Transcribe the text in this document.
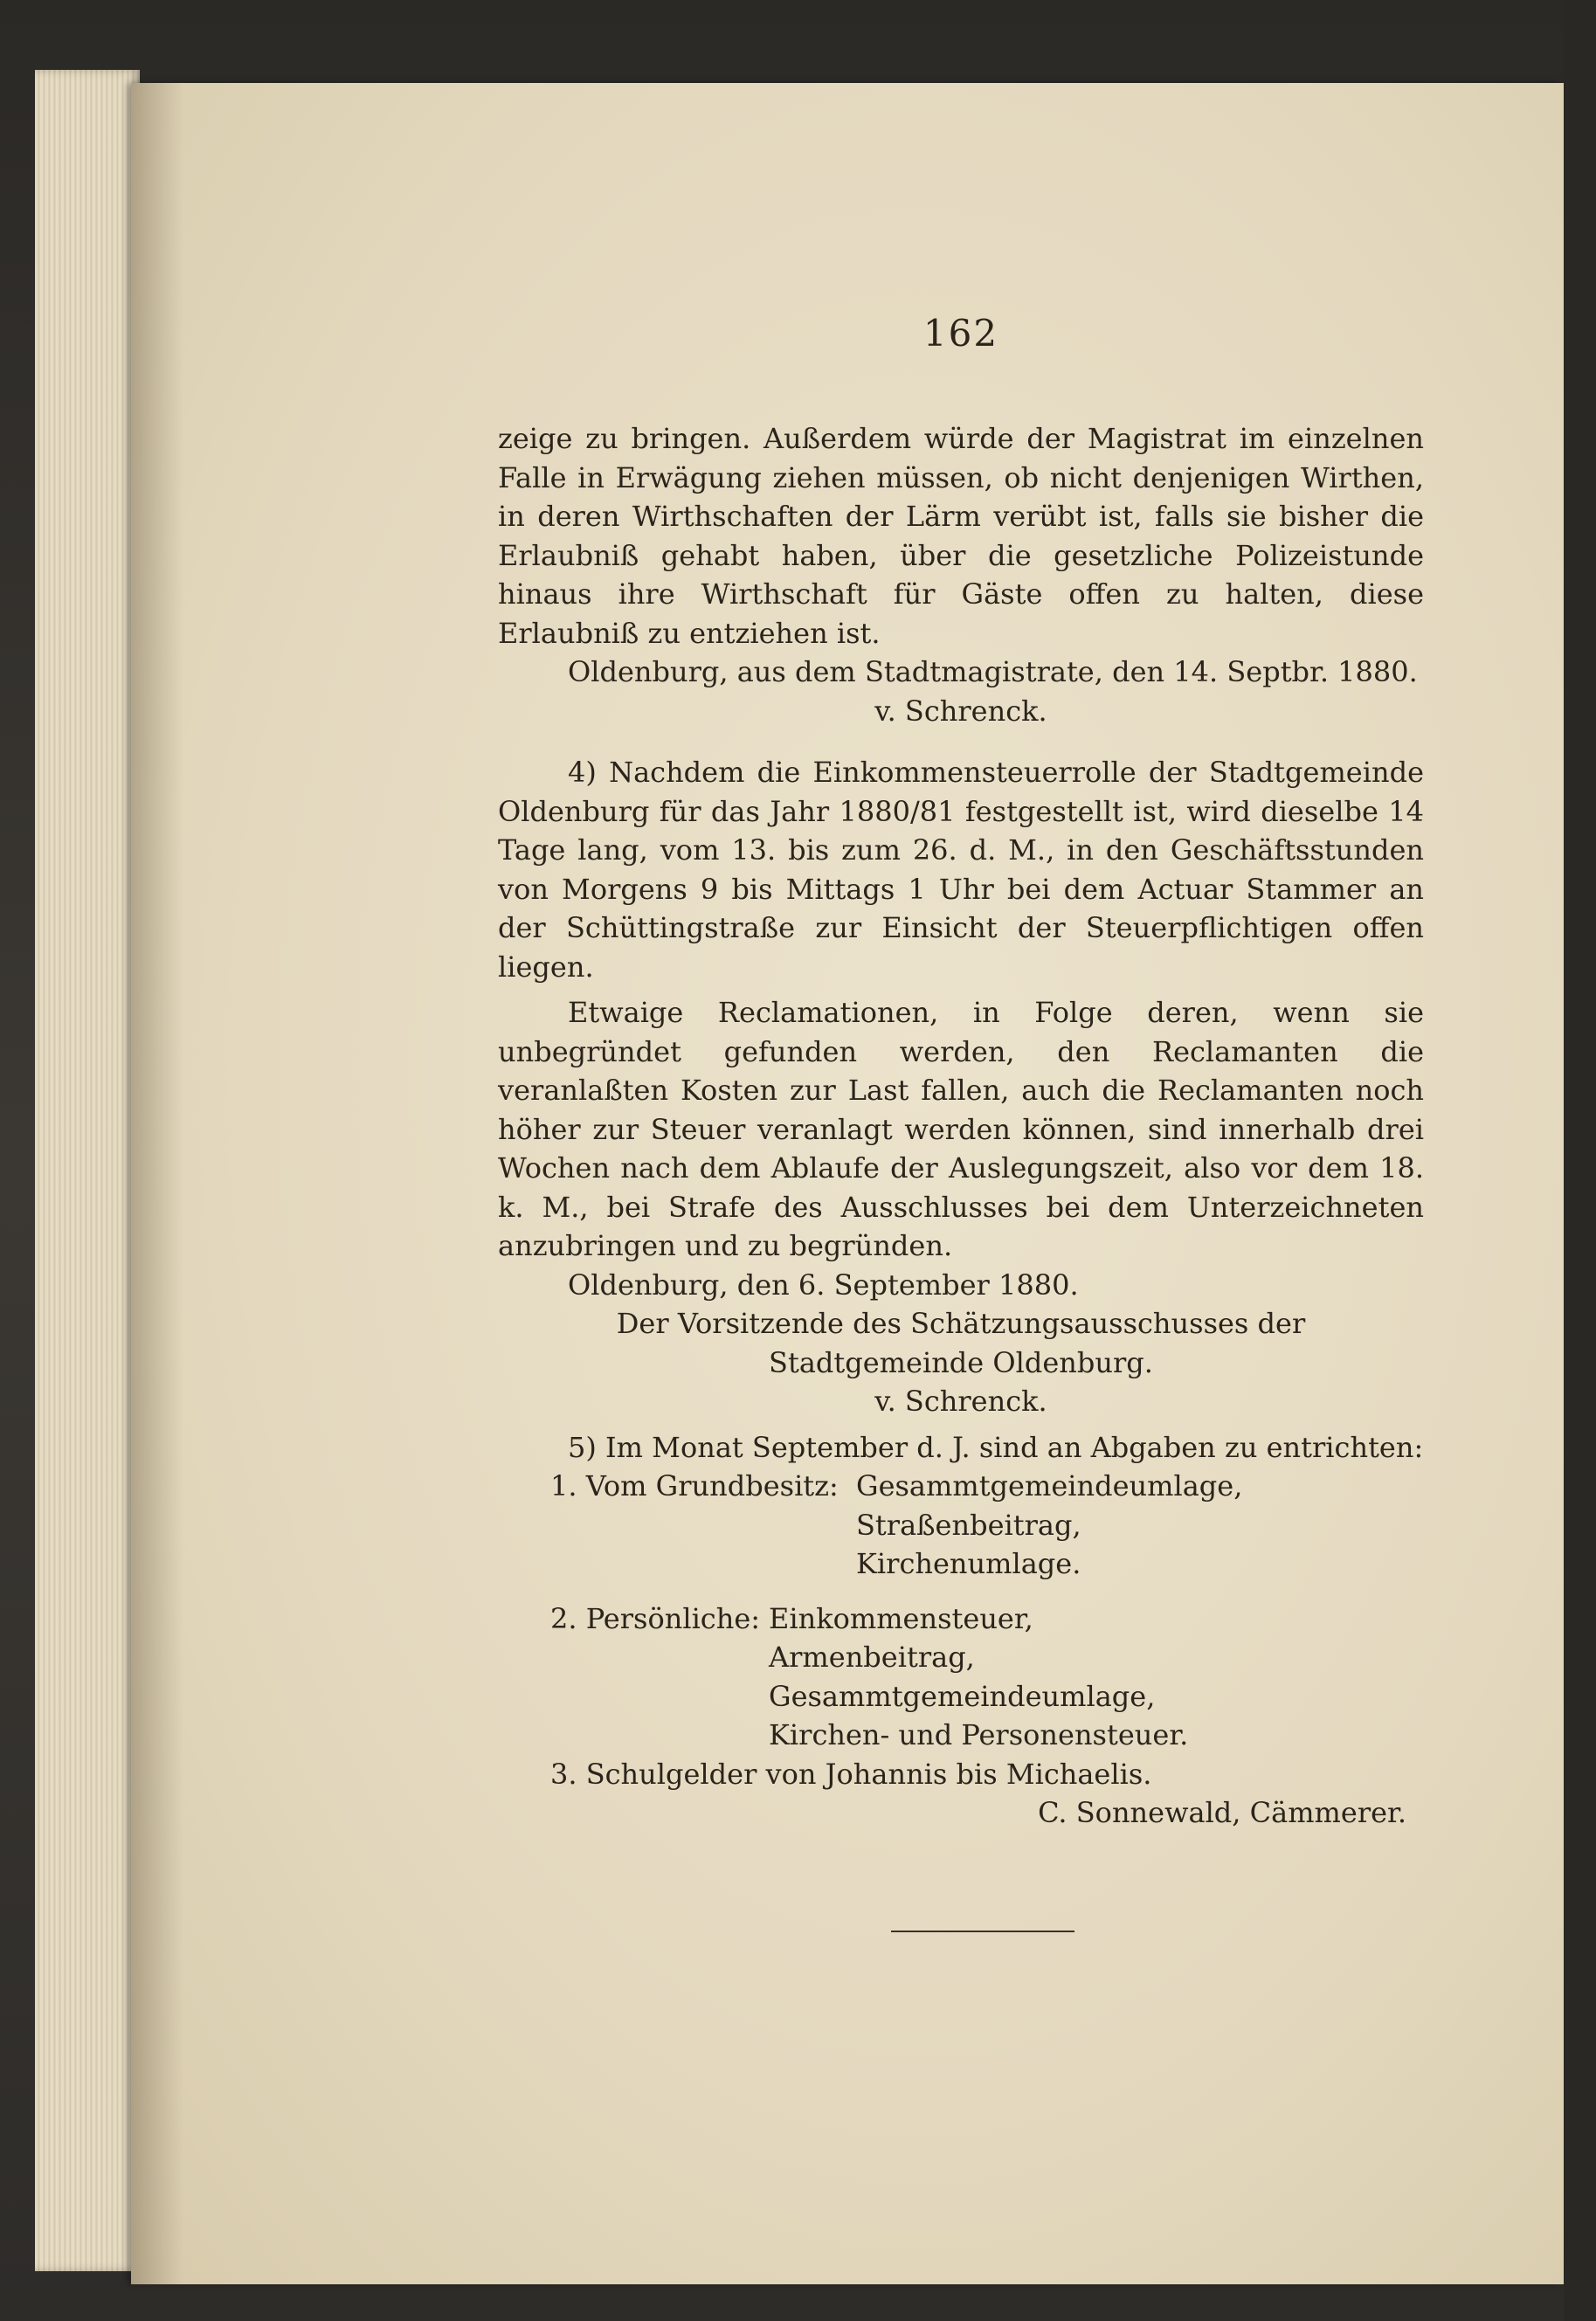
162

zeige zu bringen. Außerdem würde der Magistrat im einzelnen Falle in Erwägung ziehen müssen, ob nicht denjenigen Wirthen, in deren Wirthschaften der Lärm verübt ist, falls sie bisher die Erlaubniß gehabt haben, über die gesetzliche Polizeistunde hinaus ihre Wirthschaft für Gäste offen zu halten, diese Erlaubniß zu entziehen ist.

Oldenburg, aus dem Stadtmagistrate, den 14. Septbr. 1880.

v. Schrenck.

4) Nachdem die Einkommensteuerrolle der Stadtgemeinde Oldenburg für das Jahr 1880/81 festgestellt ist, wird dieselbe 14 Tage lang, vom 13. bis zum 26. d. M., in den Geschäftsstunden von Morgens 9 bis Mittags 1 Uhr bei dem Actuar Stammer an der Schüttingstraße zur Einsicht der Steuerpflichtigen offen liegen.

Etwaige Reclamationen, in Folge deren, wenn sie unbegründet gefunden werden, den Reclamanten die veranlaßten Kosten zur Last fallen, auch die Reclamanten noch höher zur Steuer veranlagt werden können, sind innerhalb drei Wochen nach dem Ablaufe der Auslegungszeit, also vor dem 18. k. M., bei Strafe des Ausschlusses bei dem Unterzeichneten anzubringen und zu begründen.

Oldenburg, den 6. September 1880.

Der Vorsitzende des Schätzungsausschusses der Stadtgemeinde Oldenburg.

v. Schrenck.

5) Im Monat September d. J. sind an Abgaben zu entrichten:

1. Vom Grundbesitz: Gesammtgemeindeumlage,
Straßenbeitrag,
Kirchenumlage.
2. Persönliche: Einkommensteuer,
Armenbeitrag,
Gesammtgemeindeumlage,
Kirchen- und Personensteuer.
3. Schulgelder von Johannis bis Michaelis.

C. Sonnewald, Cämmerer.
